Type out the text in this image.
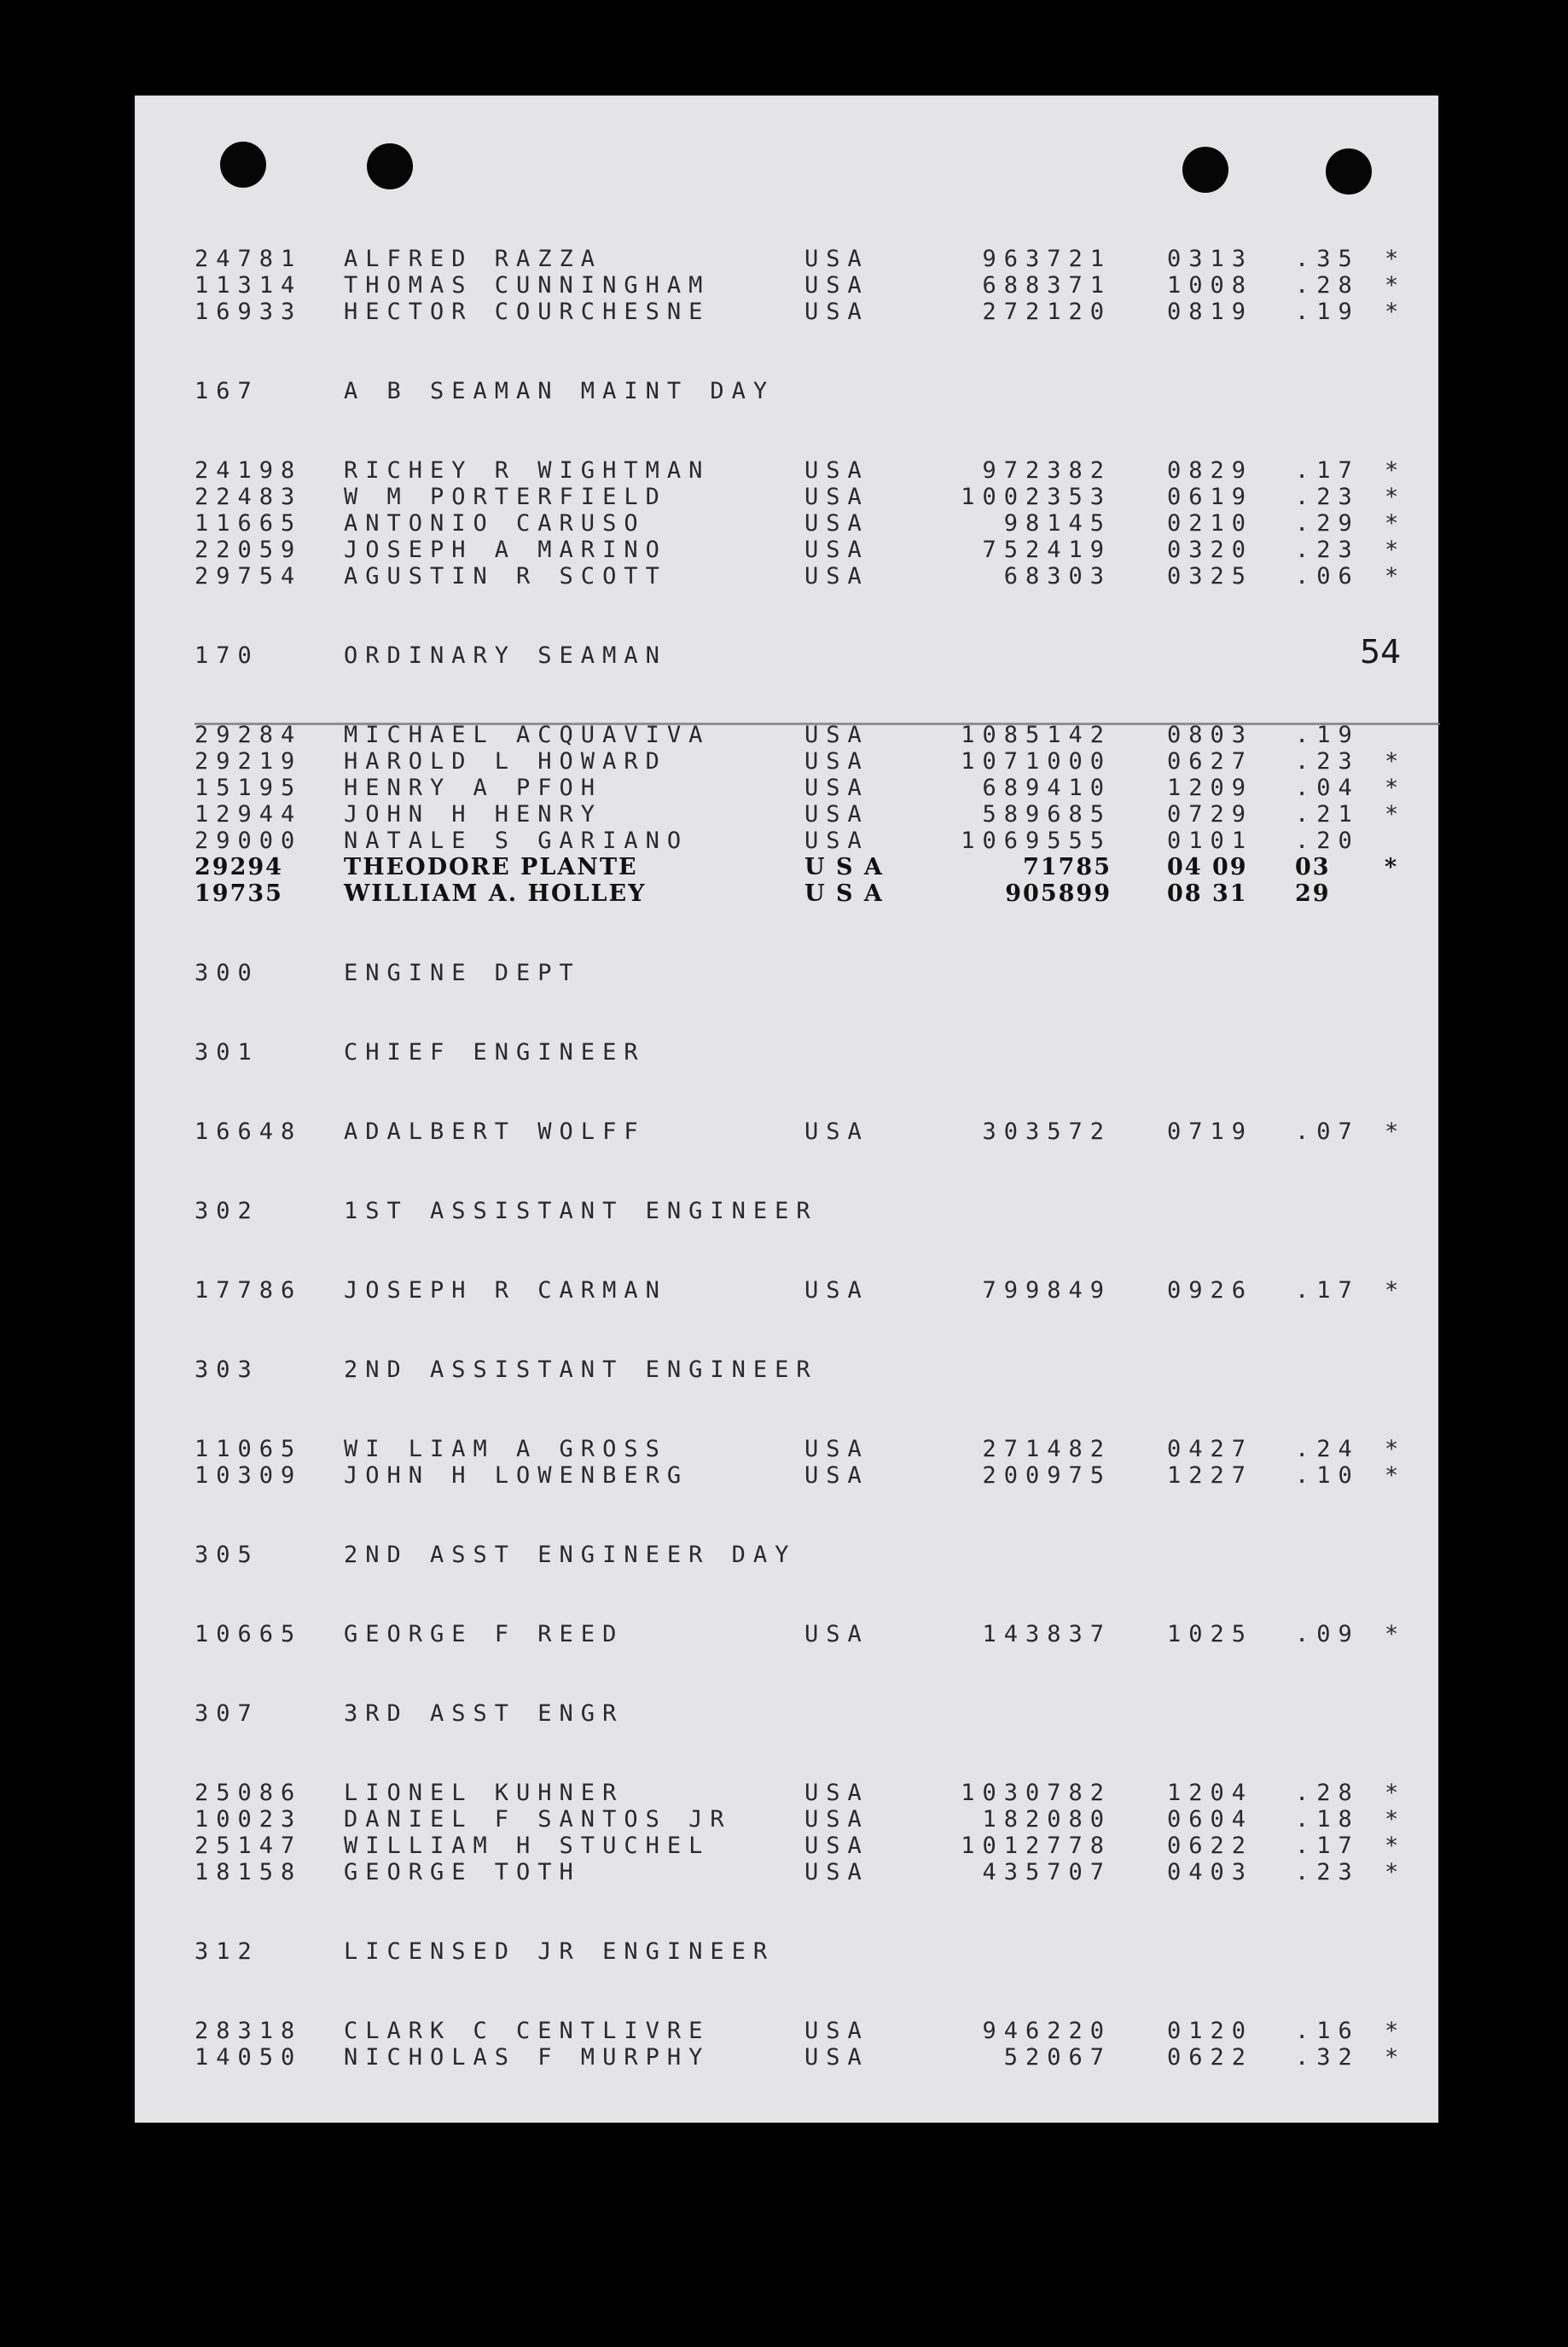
54
24781 ALFRED RAZZA	USA	963721 0313 .35 *
11314 THOMAS CUNNINGHAM	USA	688371 1008 .28 *
16933 HECTOR COURCHESNE	USA	272120 0819 .19 *
167	A B SEAMAN MAINT DAY
24198 RICHEY R WIGHTMAN	USA	972382 0829 .17 *
22483 W M PORTERFIELD	USA	1002353 0619 .23 *
11665 ANTONIO CARUSO	USA	98145 0210 .29 *
22059 JOSEPH A MARINO	USA	752419 0320 .23 *
29754 AGUSTIN R SCOTT	USA	68303 0325 .06 *
170	ORDINARY SEAMAN
29284 MICHAEL ACQUAVIVA	USA	1085142 0803 .19
29219 HAROLD L HOWARD	USA	1071000 0627 .23 *
15195 HENRY A PFOH	USA	689410 1209 .04 *
12944 JOHN H HENRY	USA	589685 0729 .21 *
29000 NATALE S GARIANO	USA	1069555 0101 .20
29294	THEODORE PLANTE	U S A	71785 04 09 03 *
19735	WILLIAM A. HOLLEY	U S A	905899 08 31 29
300	ENGINE DEPT
301	CHIEF ENGINEER
16648 ADALBERT WOLFF	USA	303572 0719 .07 *
302	1ST ASSISTANT ENGINEER
17786 JOSEPH R CARMAN	USA	799849 0926 .17 *
303	2ND ASSISTANT ENGINEER
11065 WI LIAM A GROSS	USA	271482 0427 .24 *
10309 JOHN H LOWENBERG	USA	200975 1227 .10 *
305	2ND ASST ENGINEER DAY
10665 GEORGE F REED	USA	143837 1025 .09 *
307	3RD ASST ENGR
25086 LIONEL KUHNER	USA	1030782 1204 .28 *
10023 DANIEL F SANTOS JR	USA	182080 0604 .18 *
25147 WILLIAM H STUCHEL	USA	1012778 0622 .17 *
18158 GEORGE TOTH	USA	435707 0403 .23 *
312	LICENSED JR ENGINEER
28318 CLARK C CENTLIVRE	USA	946220 0120 .16 *
14050 NICHOLAS F MURPHY	USA	52067 0622 .32 *
